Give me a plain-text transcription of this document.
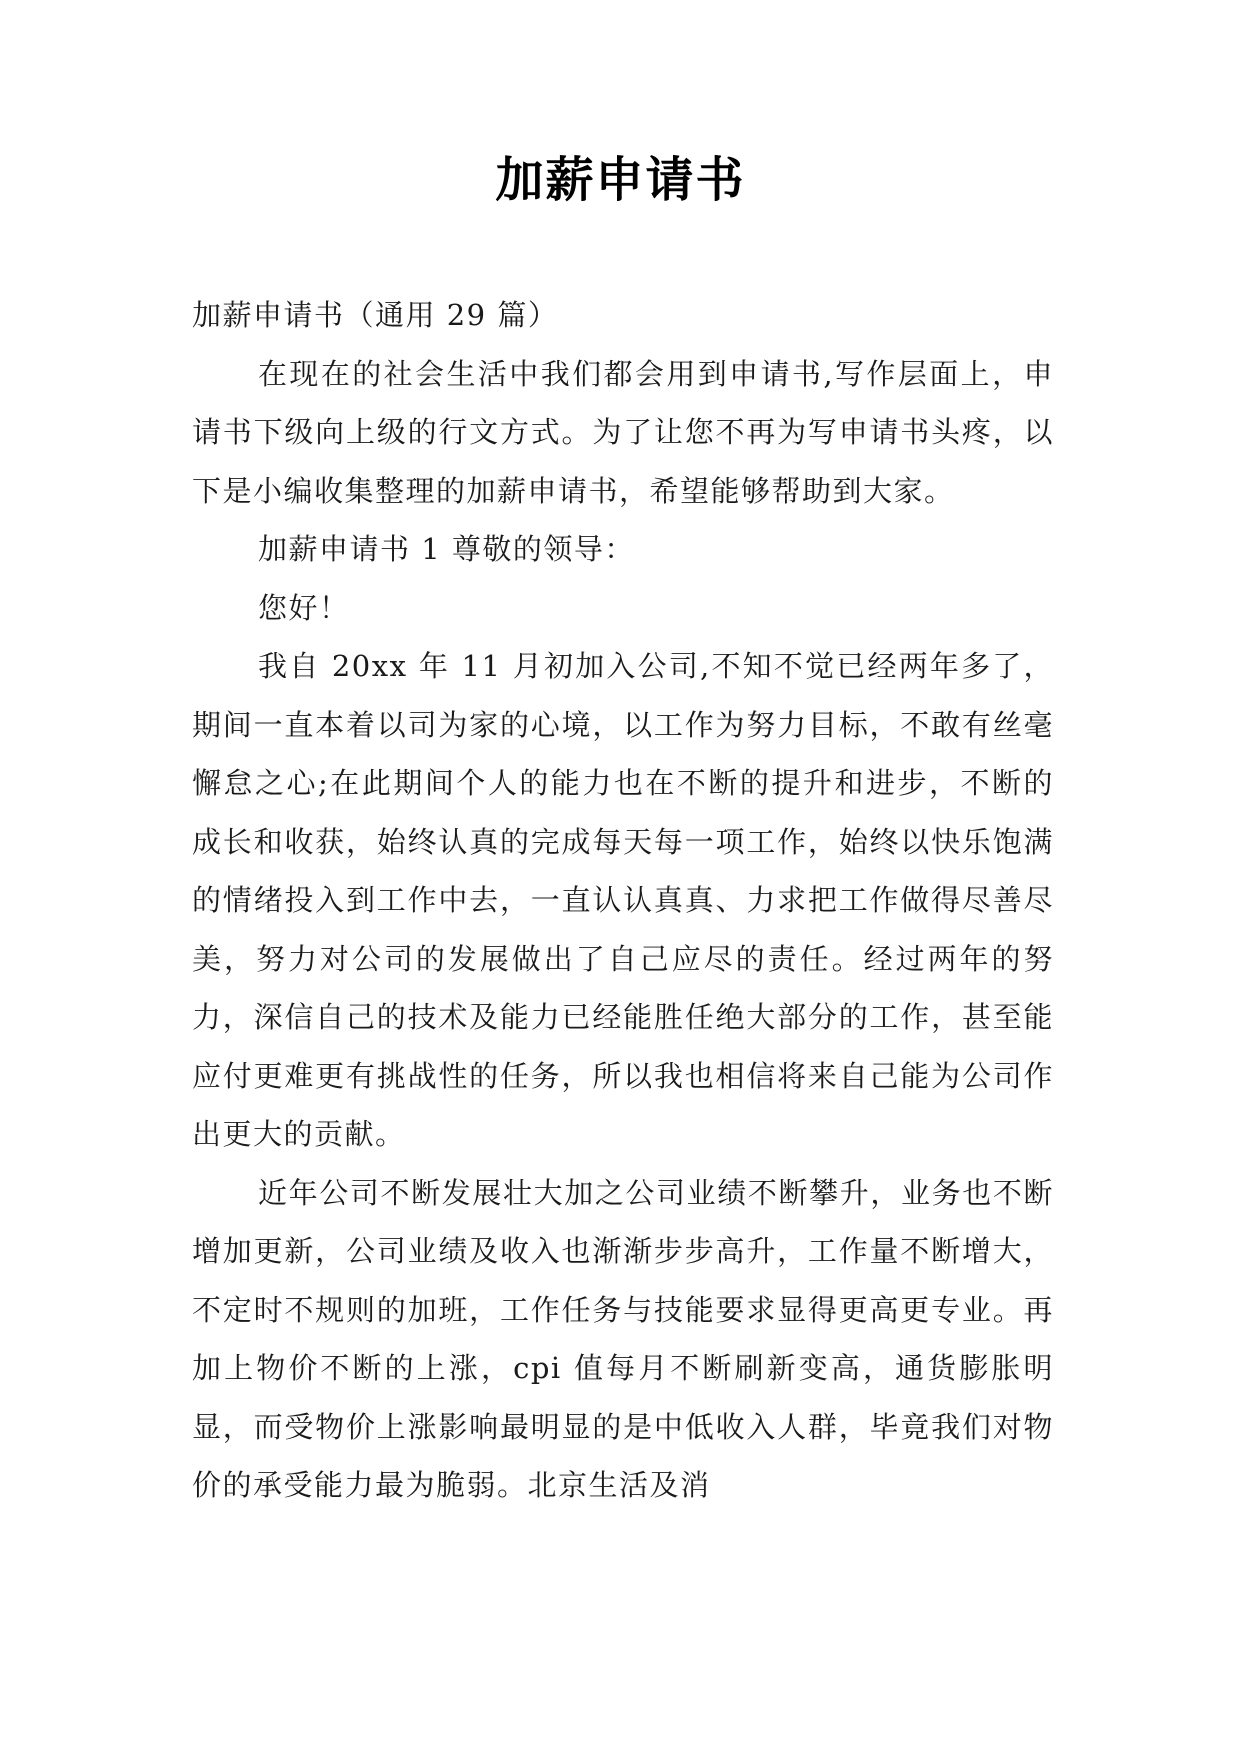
加薪申请书

加薪申请书（通用 29 篇）

在现在的社会生活中我们都会用到申请书,写作层面上，申请书下级向上级的行文方式。为了让您不再为写申请书头疼，以下是小编收集整理的加薪申请书，希望能够帮助到大家。

加薪申请书 1 尊敬的领导：

您好！

我自 20xx 年 11 月初加入公司,不知不觉已经两年多了，期间一直本着以司为家的心境，以工作为努力目标，不敢有丝毫懈怠之心;在此期间个人的能力也在不断的提升和进步，不断的成长和收获，始终认真的完成每天每一项工作，始终以快乐饱满的情绪投入到工作中去，一直认认真真、力求把工作做得尽善尽美，努力对公司的发展做出了自己应尽的责任。经过两年的努力，深信自己的技术及能力已经能胜任绝大部分的工作，甚至能应付更难更有挑战性的任务，所以我也相信将来自己能为公司作出更大的贡献。

近年公司不断发展壮大加之公司业绩不断攀升，业务也不断增加更新，公司业绩及收入也渐渐步步高升，工作量不断增大，不定时不规则的加班，工作任务与技能要求显得更高更专业。再加上物价不断的上涨，cpi 值每月不断刷新变高，通货膨胀明显，而受物价上涨影响最明显的是中低收入人群，毕竟我们对物价的承受能力最为脆弱。北京生活及消
